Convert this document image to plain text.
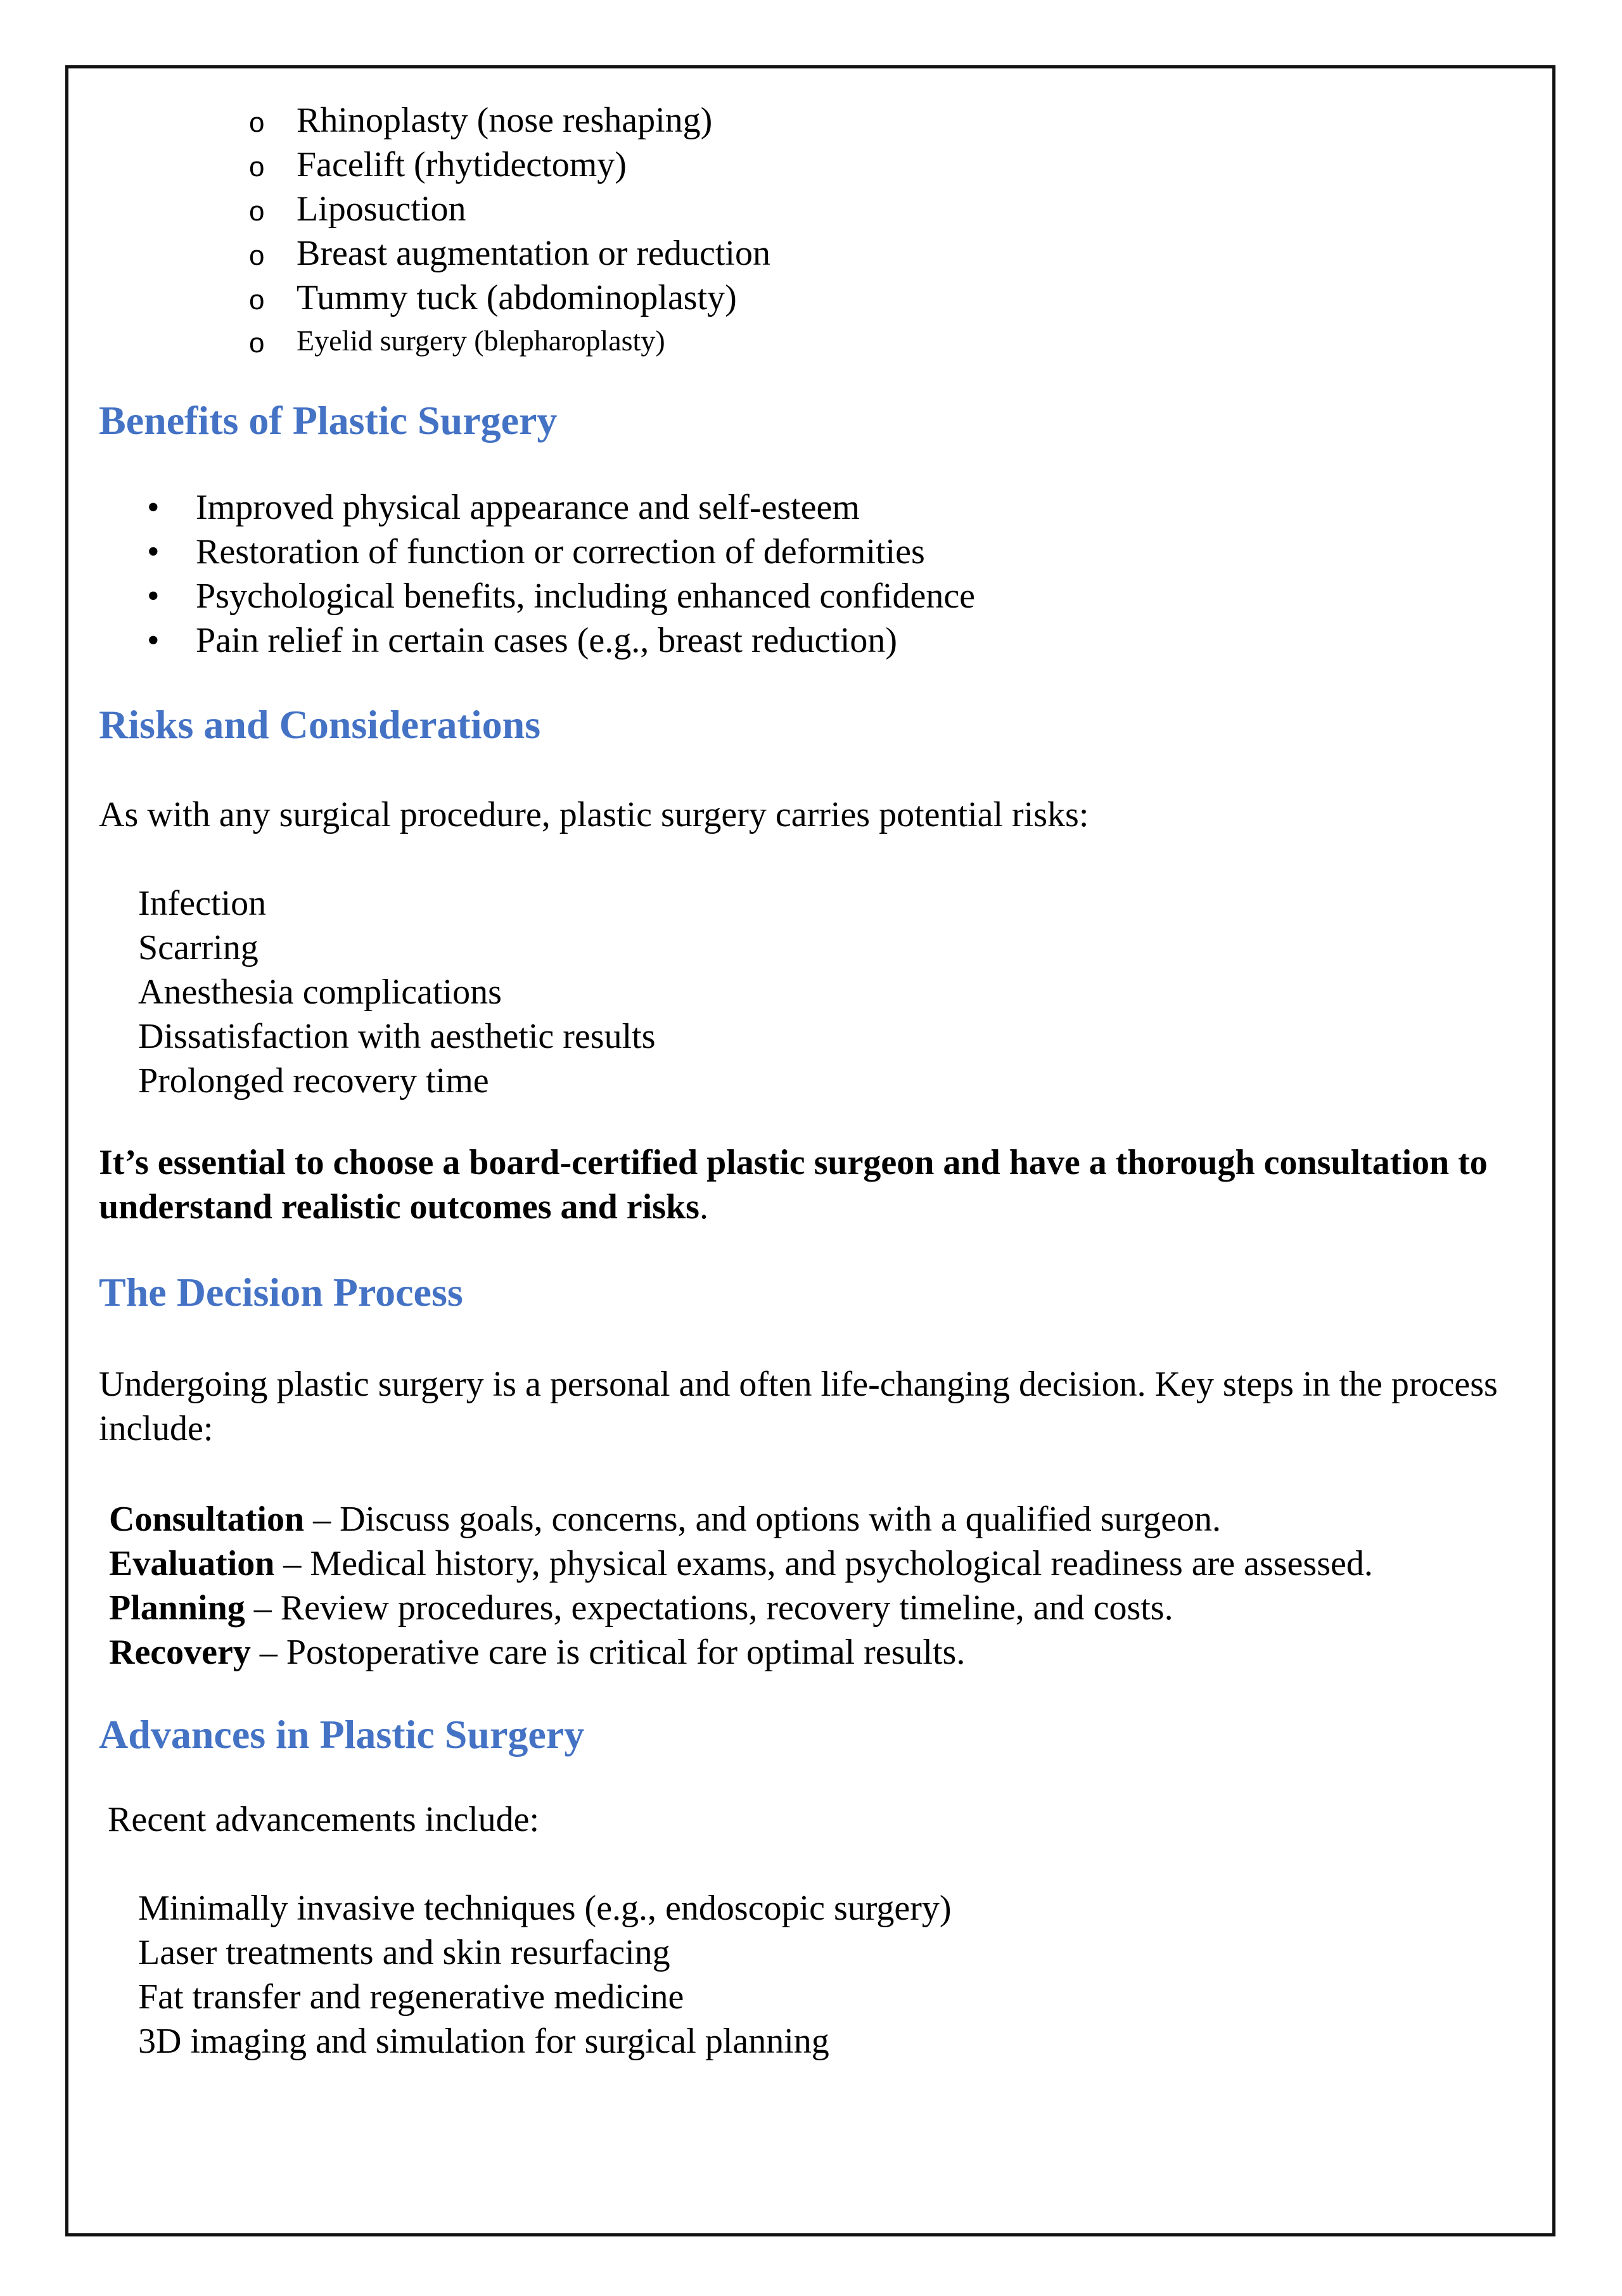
o Rhinoplasty (nose reshaping)
o Facelift (rhytidectomy)
o Liposuction
o Breast augmentation or reduction
o Tummy tuck (abdominoplasty)
o Eyelid surgery (blepharoplasty)
Benefits of Plastic Surgery
• Improved physical appearance and self-esteem
• Restoration of function or correction of deformities
• Psychological benefits, including enhanced confidence
• Pain relief in certain cases (e.g., breast reduction)
Risks and Considerations
As with any surgical procedure, plastic surgery carries potential risks:
Infection
Scarring
Anesthesia complications
Dissatisfaction with aesthetic results
Prolonged recovery time
It’s essential to choose a board-certified plastic surgeon and have a thorough consultation to understand realistic outcomes and risks.
The Decision Process
Undergoing plastic surgery is a personal and often life-changing decision. Key steps in the process include:
Consultation – Discuss goals, concerns, and options with a qualified surgeon.
Evaluation – Medical history, physical exams, and psychological readiness are assessed.
Planning – Review procedures, expectations, recovery timeline, and costs.
Recovery – Postoperative care is critical for optimal results.
Advances in Plastic Surgery
Recent advancements include:
Minimally invasive techniques (e.g., endoscopic surgery)
Laser treatments and skin resurfacing
Fat transfer and regenerative medicine
3D imaging and simulation for surgical planning
